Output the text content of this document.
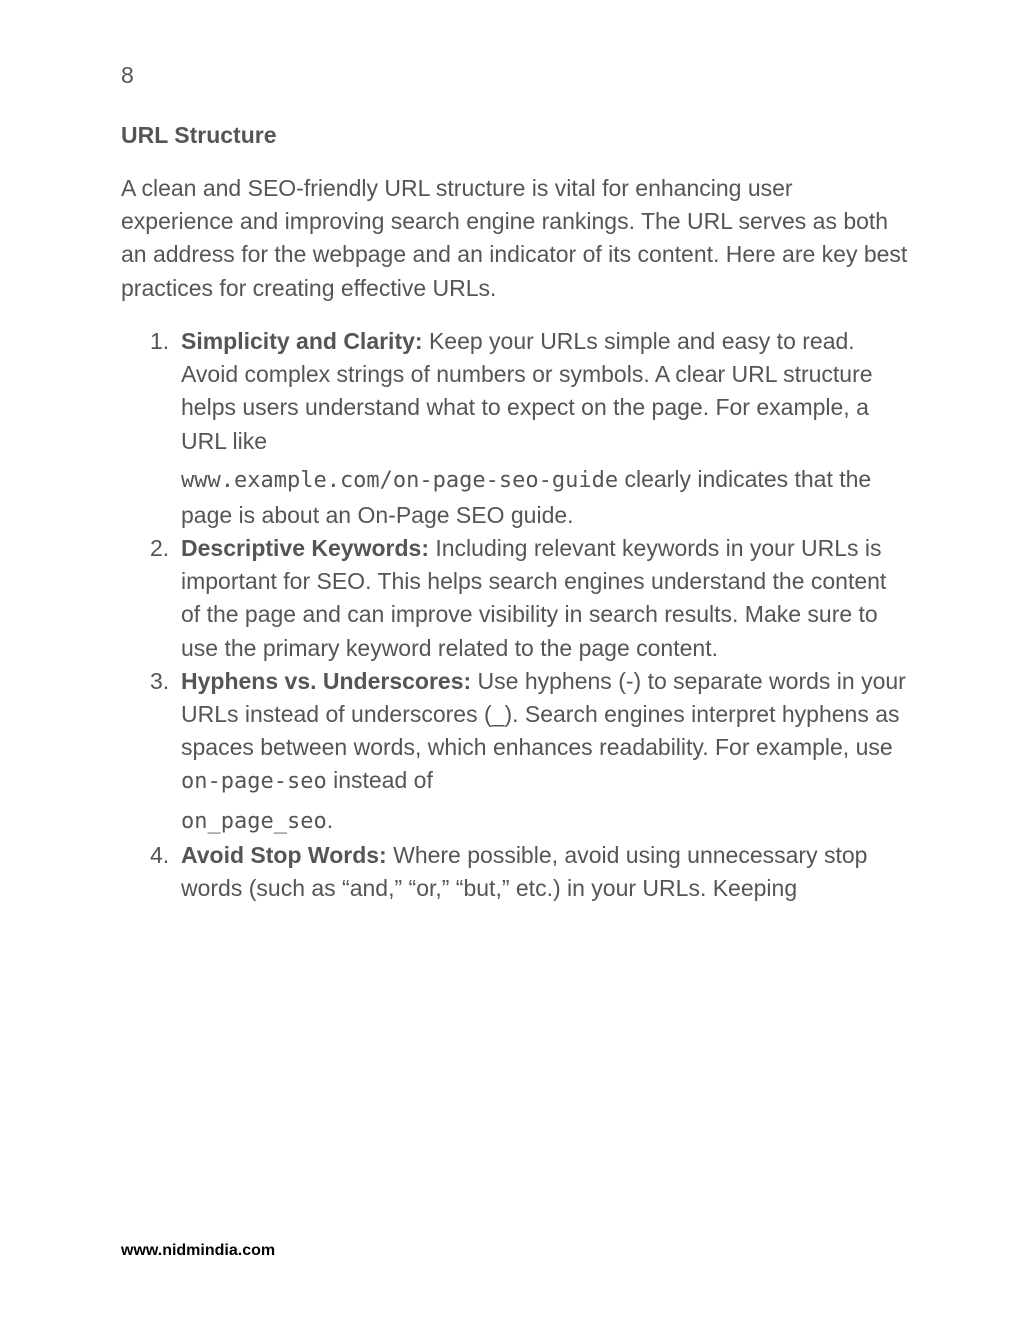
8
URL Structure

A clean and SEO-friendly URL structure is vital for enhancing user experience and improving search engine rankings. The URL serves as both an address for the webpage and an indicator of its content. Here are key best practices for creating effective URLs.

1. Simplicity and Clarity: Keep your URLs simple and easy to read. Avoid complex strings of numbers or symbols. A clear URL structure helps users understand what to expect on the page. For example, a URL like
www.example.com/on-page-seo-guide clearly indicates that the page is about an On-Page SEO guide.
2. Descriptive Keywords: Including relevant keywords in your URLs is important for SEO. This helps search engines understand the content of the page and can improve visibility in search results. Make sure to use the primary keyword related to the page content.
3. Hyphens vs. Underscores: Use hyphens (-) to separate words in your URLs instead of underscores (_). Search engines interpret hyphens as spaces between words, which enhances readability. For example, use on-page-seo instead of
on_page_seo.
4. Avoid Stop Words: Where possible, avoid using unnecessary stop words (such as “and,” “or,” “but,” etc.) in your URLs. Keeping
www.nidmindia.com
